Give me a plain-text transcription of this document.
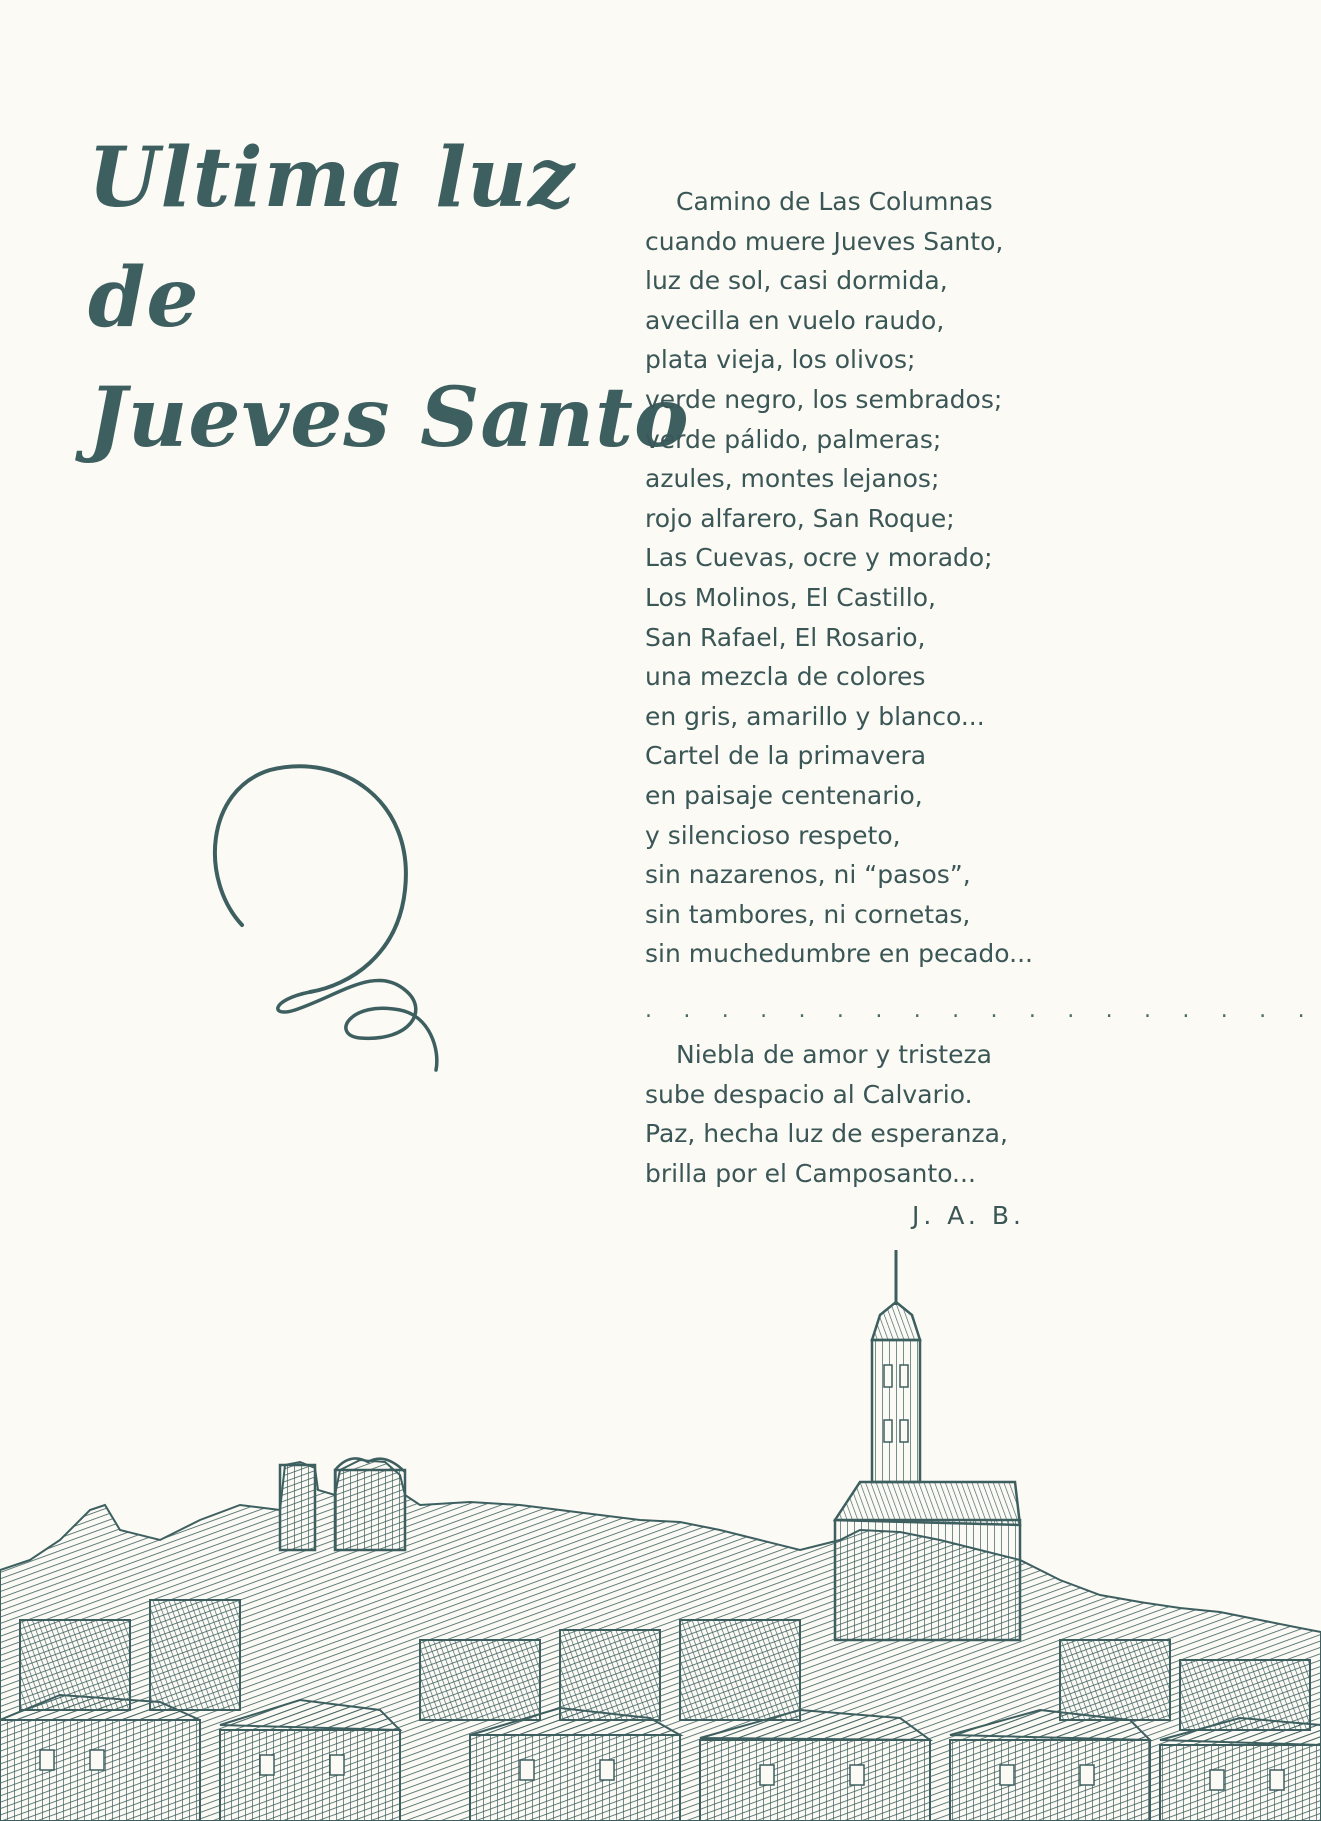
Ultima luz
de
Jueves Santo
Camino de Las Columnas
cuando muere Jueves Santo,
luz de sol, casi dormida,
avecilla en vuelo raudo,
plata vieja, los olivos;
verde negro, los sembrados;
verde pálido, palmeras;
azules, montes lejanos;
rojo alfarero, San Roque;
Las Cuevas, ocre y morado;
Los Molinos, El Castillo,
San Rafael, El Rosario,
una mezcla de colores
en gris, amarillo y blanco...
Cartel de la primavera
en paisaje centenario,
y silencioso respeto,
sin nazarenos, ni “pasos”,
sin tambores, ni cornetas,
sin muchedumbre en pecado...
. . . . . . . . . . . . . . . . . .
Niebla de amor y tristeza
sube despacio al Calvario.
Paz, hecha luz de esperanza,
brilla por el Camposanto...
J. A. B.
